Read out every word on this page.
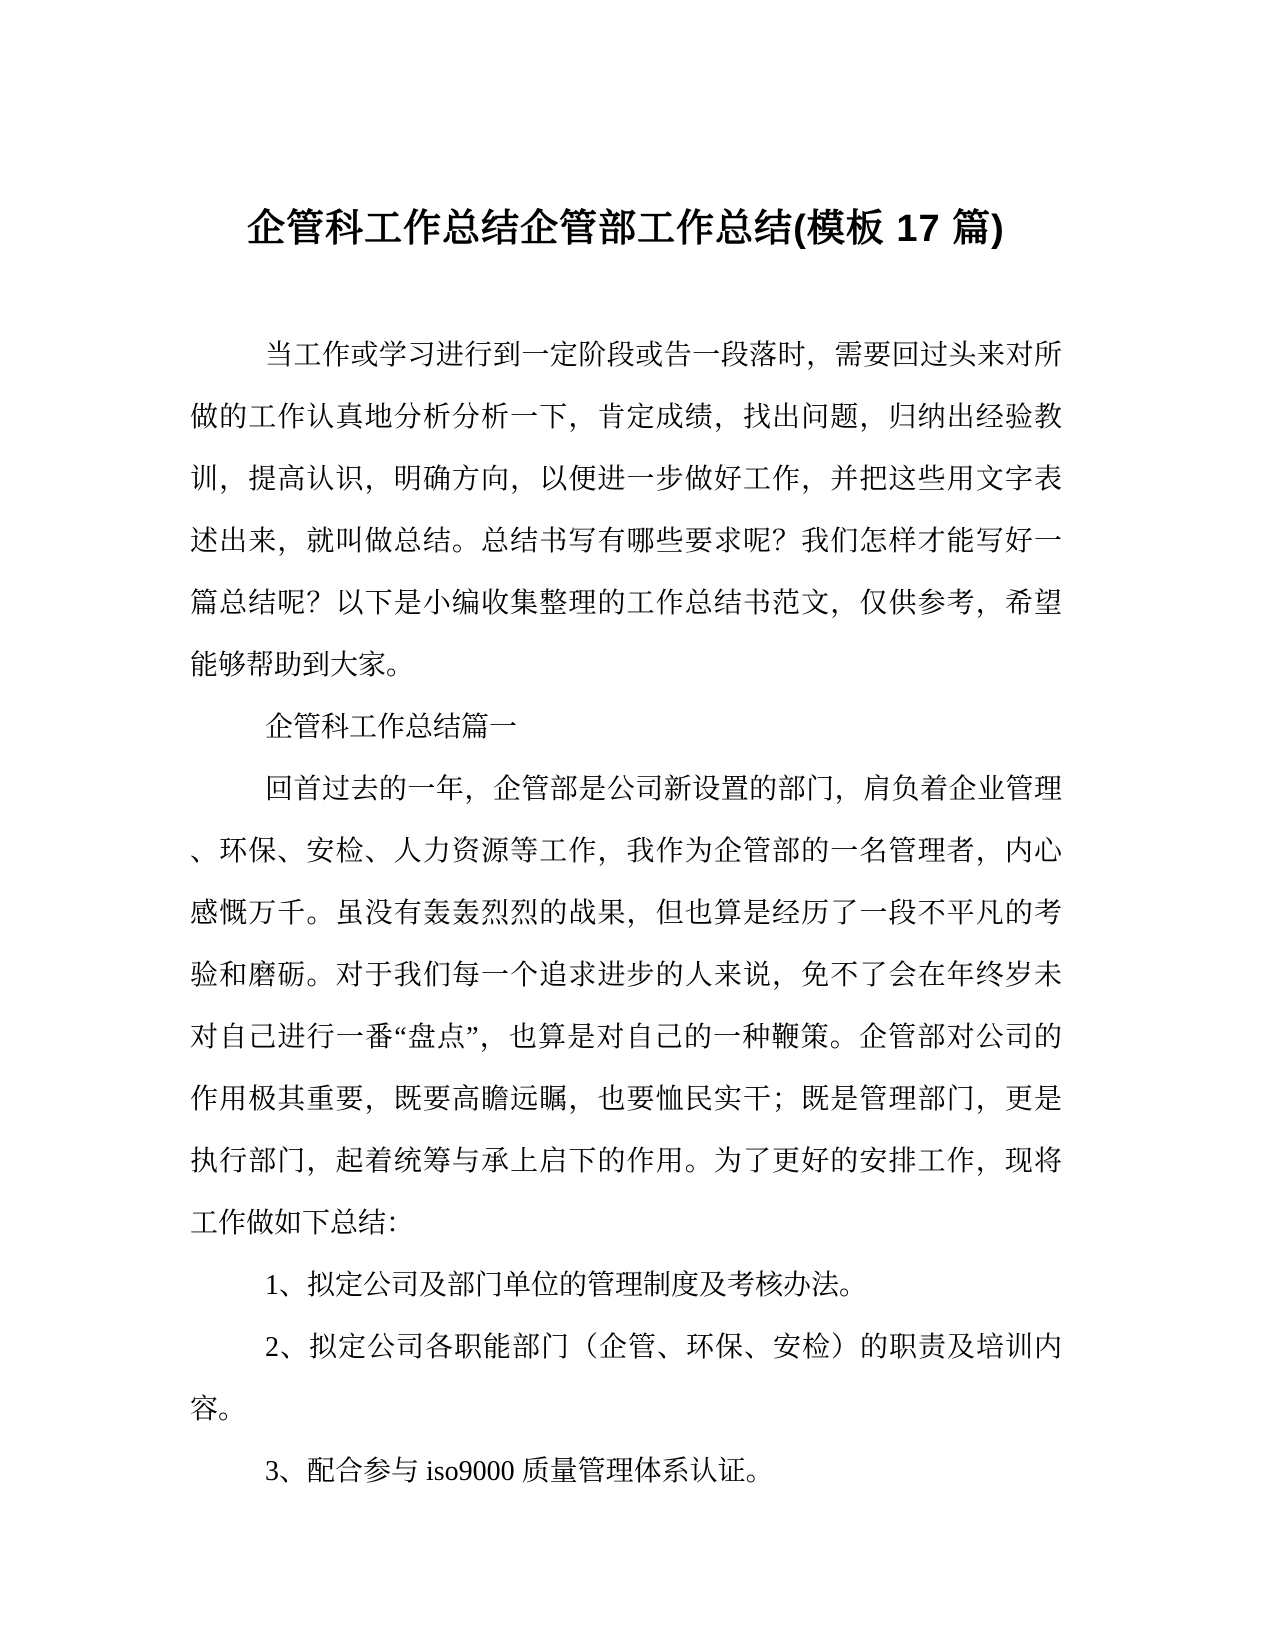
企管科工作总结企管部工作总结(模板 17 篇)
当工作或学习进行到一定阶段或告一段落时，需要回过头来对所
做的工作认真地分析分析一下，肯定成绩，找出问题，归纳出经验教
训，提高认识，明确方向，以便进一步做好工作，并把这些用文字表
述出来，就叫做总结。总结书写有哪些要求呢？我们怎样才能写好一
篇总结呢？以下是小编收集整理的工作总结书范文，仅供参考，希望
能够帮助到大家。
企管科工作总结篇一
回首过去的一年，企管部是公司新设置的部门，肩负着企业管理
、环保、安检、人力资源等工作，我作为企管部的一名管理者，内心
感慨万千。虽没有轰轰烈烈的战果，但也算是经历了一段不平凡的考
验和磨砺。对于我们每一个追求进步的人来说，免不了会在年终岁未
对自己进行一番“盘点”，也算是对自己的一种鞭策。企管部对公司的
作用极其重要，既要高瞻远瞩，也要恤民实干；既是管理部门，更是
执行部门，起着统筹与承上启下的作用。为了更好的安排工作，现将
工作做如下总结：
1、拟定公司及部门单位的管理制度及考核办法。
2、拟定公司各职能部门（企管、环保、安检）的职责及培训内
容。
3、配合参与 iso9000 质量管理体系认证。
